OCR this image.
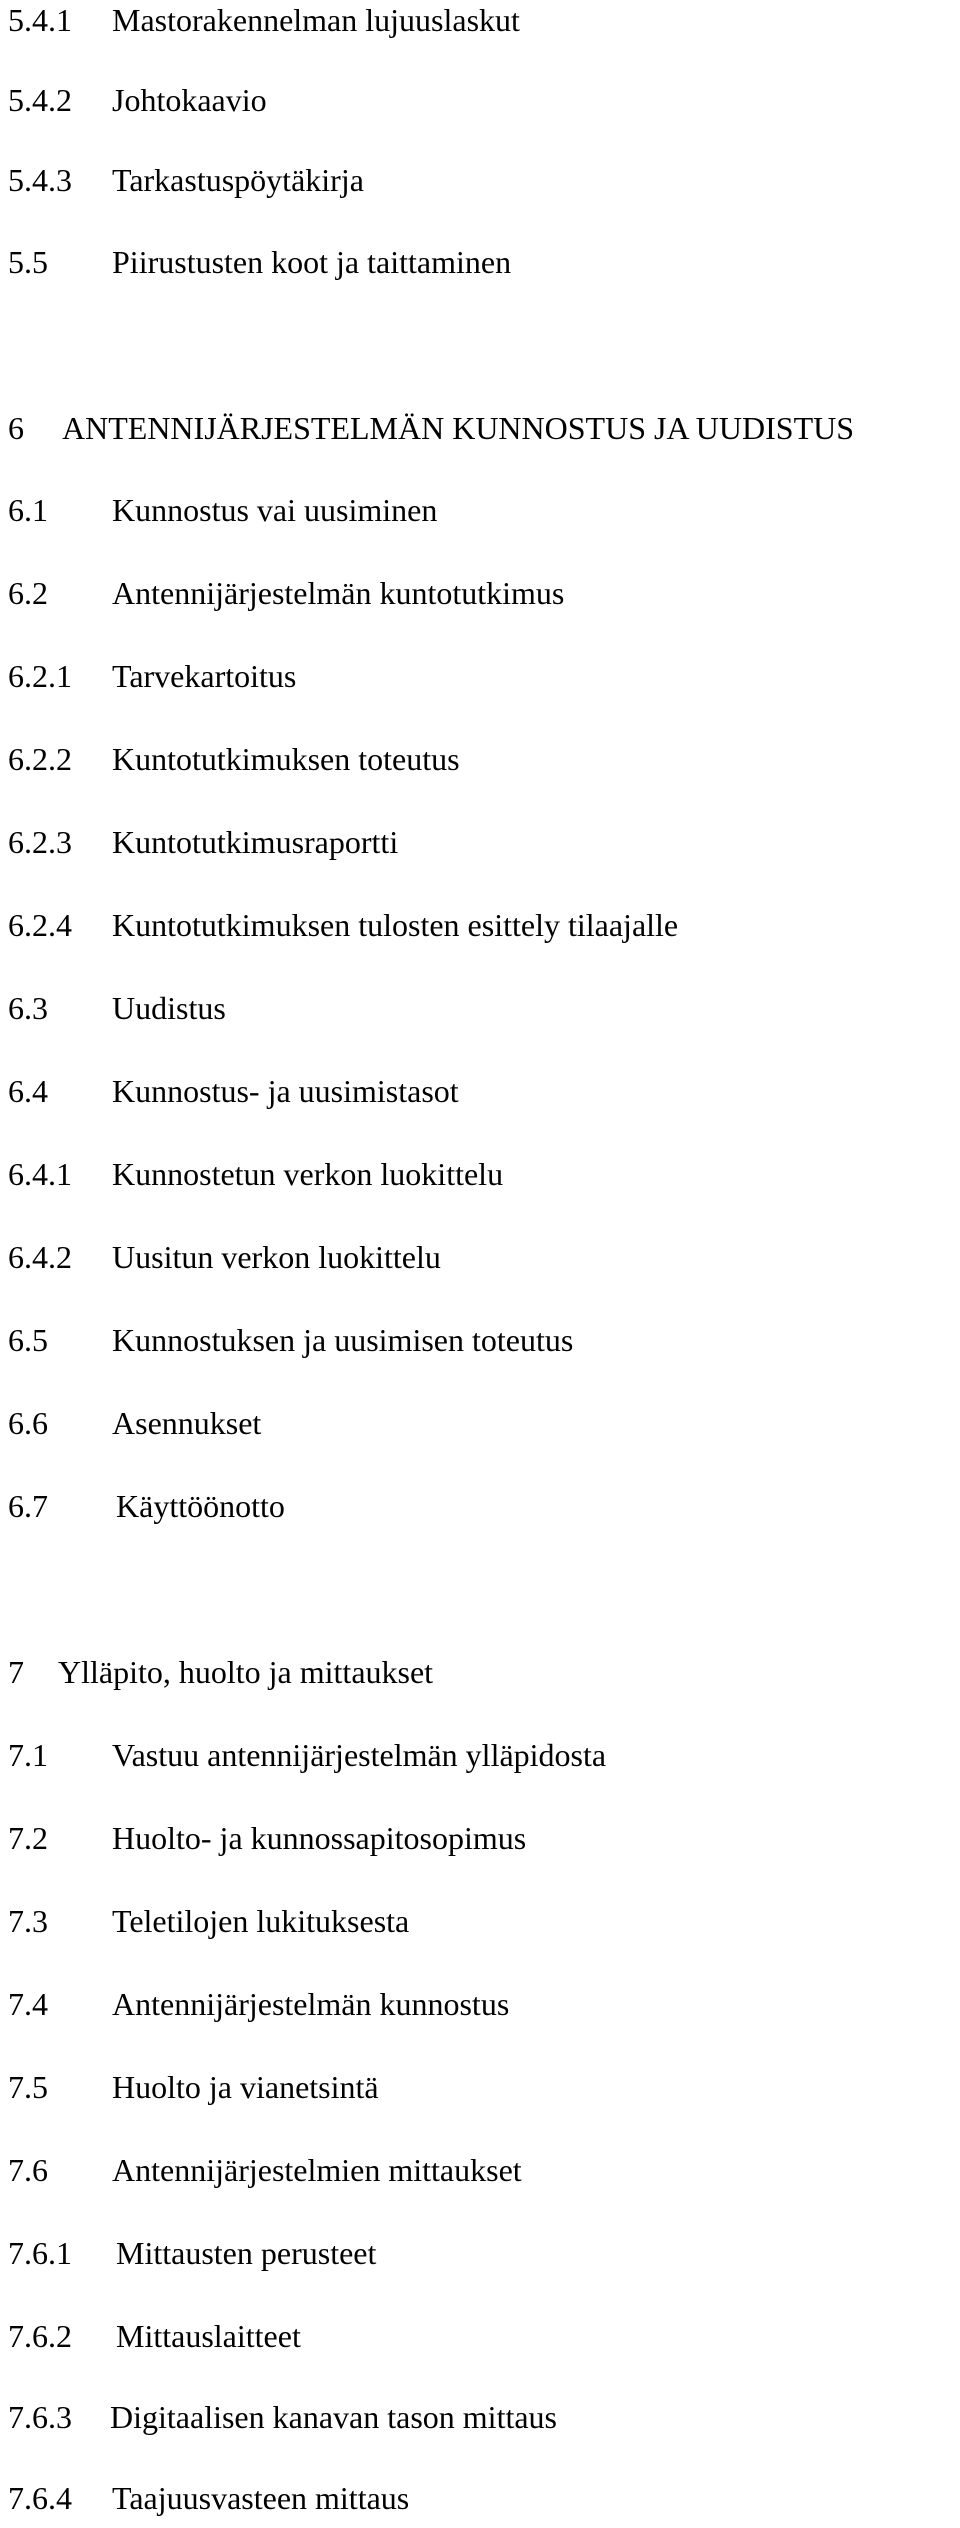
5.4.1 Mastorakennelman lujuuslaskut
5.4.2 Johtokaavio
5.4.3 Tarkastuspöytäkirja
5.5 Piirustusten koot ja taittaminen
6 ANTENNIJÄRJESTELMÄN KUNNOSTUS JA UUDISTUS
6.1 Kunnostus vai uusiminen
6.2 Antennijärjestelmän kuntotutkimus
6.2.1 Tarvekartoitus
6.2.2 Kuntotutkimuksen toteutus
6.2.3 Kuntotutkimusraportti
6.2.4 Kuntotutkimuksen tulosten esittely tilaajalle
6.3 Uudistus
6.4 Kunnostus- ja uusimistasot
6.4.1 Kunnostetun verkon luokittelu
6.4.2 Uusitun verkon luokittelu
6.5 Kunnostuksen ja uusimisen toteutus
6.6 Asennukset
6.7 Käyttöönotto
7 Ylläpito, huolto ja mittaukset
7.1 Vastuu antennijärjestelmän ylläpidosta
7.2 Huolto- ja kunnossapitosopimus
7.3 Teletilojen lukituksesta
7.4 Antennijärjestelmän kunnostus
7.5 Huolto ja vianetsintä
7.6 Antennijärjestelmien mittaukset
7.6.1 Mittausten perusteet
7.6.2 Mittauslaitteet
7.6.3 Digitaalisen kanavan tason mittaus
7.6.4 Taajuusvasteen mittaus
